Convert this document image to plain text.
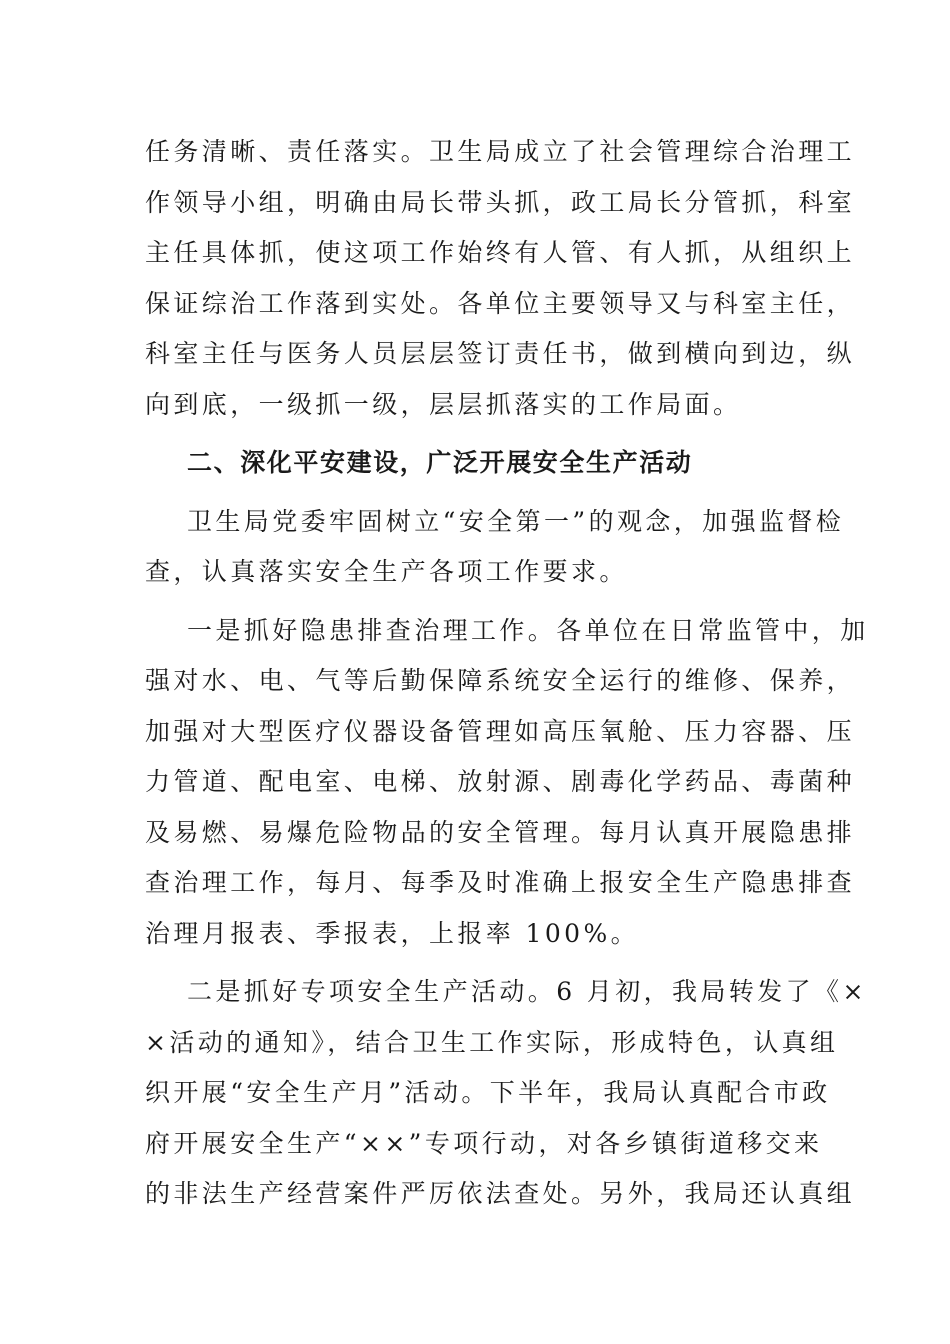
任务清晰、责任落实。卫生局成立了社会管理综合治理工
作领导小组，明确由局长带头抓，政工局长分管抓，科室
主任具体抓，使这项工作始终有人管、有人抓，从组织上
保证综治工作落到实处。各单位主要领导又与科室主任，
科室主任与医务人员层层签订责任书，做到横向到边，纵
向到底，一级抓一级，层层抓落实的工作局面。
二、深化平安建设，广泛开展安全生产活动
卫生局党委牢固树立“安全第一”的观念，加强监督检
查，认真落实安全生产各项工作要求。
一是抓好隐患排查治理工作。各单位在日常监管中，加
强对水、电、气等后勤保障系统安全运行的维修、保养，
加强对大型医疗仪器设备管理如高压氧舱、压力容器、压
力管道、配电室、电梯、放射源、剧毒化学药品、毒菌种
及易燃、易爆危险物品的安全管理。每月认真开展隐患排
查治理工作，每月、每季及时准确上报安全生产隐患排查
治理月报表、季报表，上报率 100%。
二是抓好专项安全生产活动。6 月初，我局转发了《×
×活动的通知》，结合卫生工作实际，形成特色，认真组
织开展“安全生产月”活动。下半年，我局认真配合市政
府开展安全生产“××”专项行动，对各乡镇街道移交来
的非法生产经营案件严厉依法查处。另外，我局还认真组
